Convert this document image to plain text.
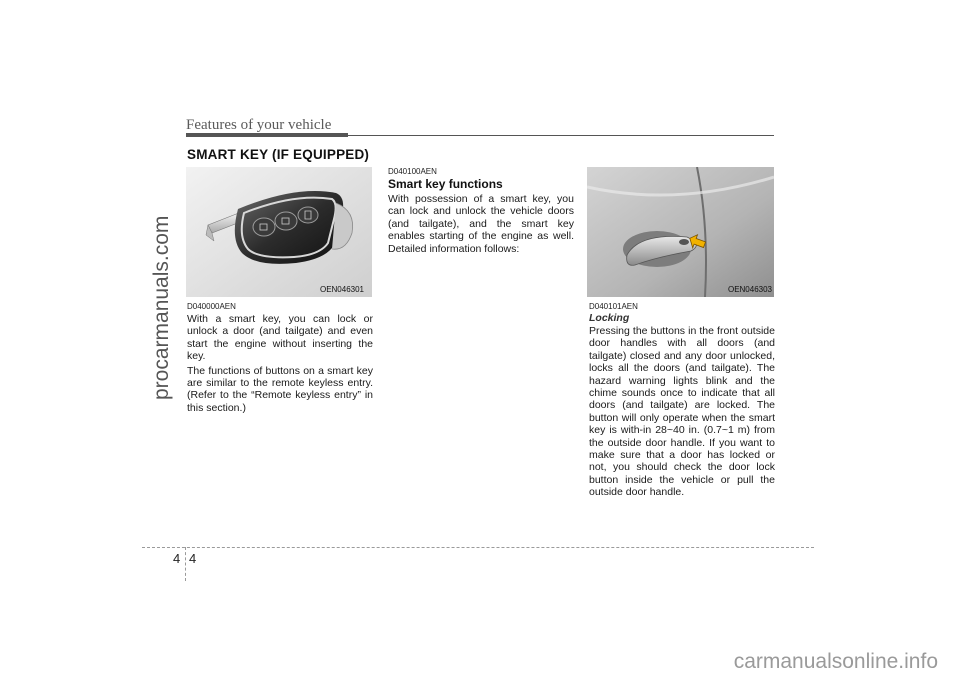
procarmanuals.com
carmanualsonline.info
Features of your vehicle
SMART KEY (IF EQUIPPED)
OEN046301	OEN046303
D040000AEN

With a smart key, you can lock or unlock a door (and tailgate) and even start the engine without inserting the key.

The functions of buttons on a smart key are similar to the remote keyless entry. (Refer to the “Remote keyless entry” in this section.)

D040100AEN
Smart key functions

With possession of a smart key, you can lock and unlock the vehicle doors (and tailgate), and the smart key enables starting of the engine as well. Detailed information follows:

D040101AEN
Locking

Pressing the buttons in the front outside door handles with all doors (and tailgate) closed and any door unlocked, locks all the doors (and tailgate). The hazard warning lights blink and the chime sounds once to indicate that all doors (and tailgate) are locked. The button will only operate when the smart key is with-in 28~40 in. (0.7~1 m) from the outside door handle. If you want to make sure that a door has locked or not, you should check the door lock button inside the vehicle or pull the outside door handle.

4 4
